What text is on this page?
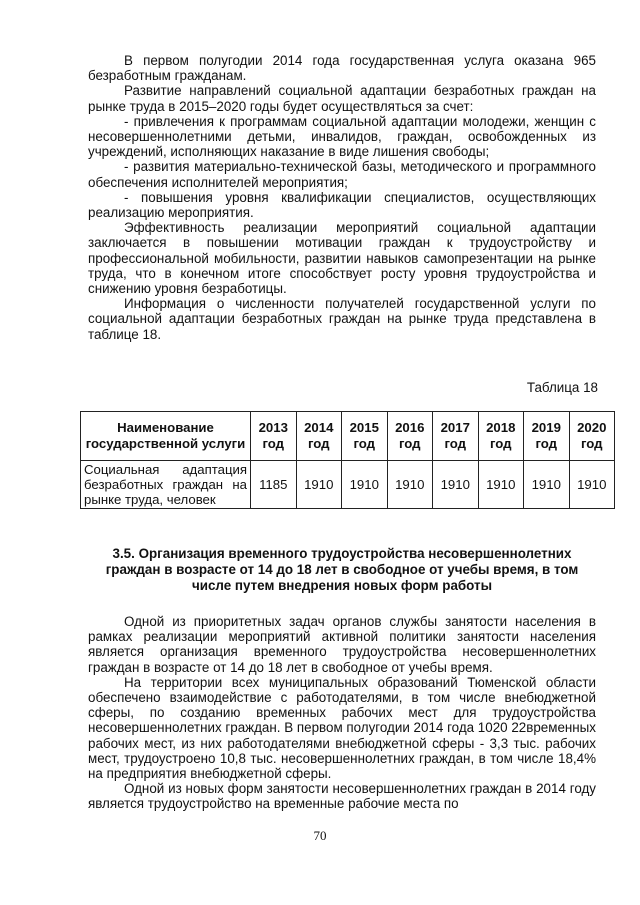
В первом полугодии 2014 года государственная услуга оказана 965 безработным гражданам.

Развитие направлений социальной адаптации безработных граждан на рынке труда в 2015–2020 годы будет осуществляться за счет:

- привлечения к программам социальной адаптации молодежи, женщин с несовершеннолетними детьми, инвалидов, граждан, освобожденных из учреждений, исполняющих наказание в виде лишения свободы;

- развития материально-технической базы, методического и программного обеспечения исполнителей мероприятия;

- повышения уровня квалификации специалистов, осуществляющих реализацию мероприятия.

Эффективность реализации мероприятий социальной адаптации заключается в повышении мотивации граждан к трудоустройству и профессиональной мобильности, развитии навыков самопрезентации на рынке труда, что в конечном итоге способствует росту уровня трудоустройства и снижению уровня безработицы.

Информация о численности получателей государственной услуги по социальной адаптации безработных граждан на рынке труда представлена в таблице 18.

Таблица 18
Наименование государственной услуги	2013 год	2014 год	2015 год	2016 год	2017 год	2018 год	2019 год	2020 год
Социальная адаптация безработных граждан на рынке труда, человек	1185	1910	1910	1910	1910	1910	1910	1910
3.5. Организация временного трудоустройства несовершеннолетних граждан в возрасте от 14 до 18 лет в свободное от учебы время, в том числе путем внедрения новых форм работы

Одной из приоритетных задач органов службы занятости населения в рамках реализации мероприятий активной политики занятости населения является организация временного трудоустройства несовершеннолетних граждан в возрасте от 14 до 18 лет в свободное от учебы время.

На территории всех муниципальных образований Тюменской области обеспечено взаимодействие с работодателями, в том числе внебюджетной сферы, по созданию временных рабочих мест для трудоустройства несовершеннолетних граждан. В первом полугодии 2014 года 1020 22временных рабочих мест, из них работодателями внебюджетной сферы - 3,3 тыс. рабочих мест, трудоустроено 10,8 тыс. несовершеннолетних граждан, в том числе 18,4% на предприятия внебюджетной сферы.

Одной из новых форм занятости несовершеннолетних граждан в 2014 году является трудоустройство на временные рабочие места по

70
